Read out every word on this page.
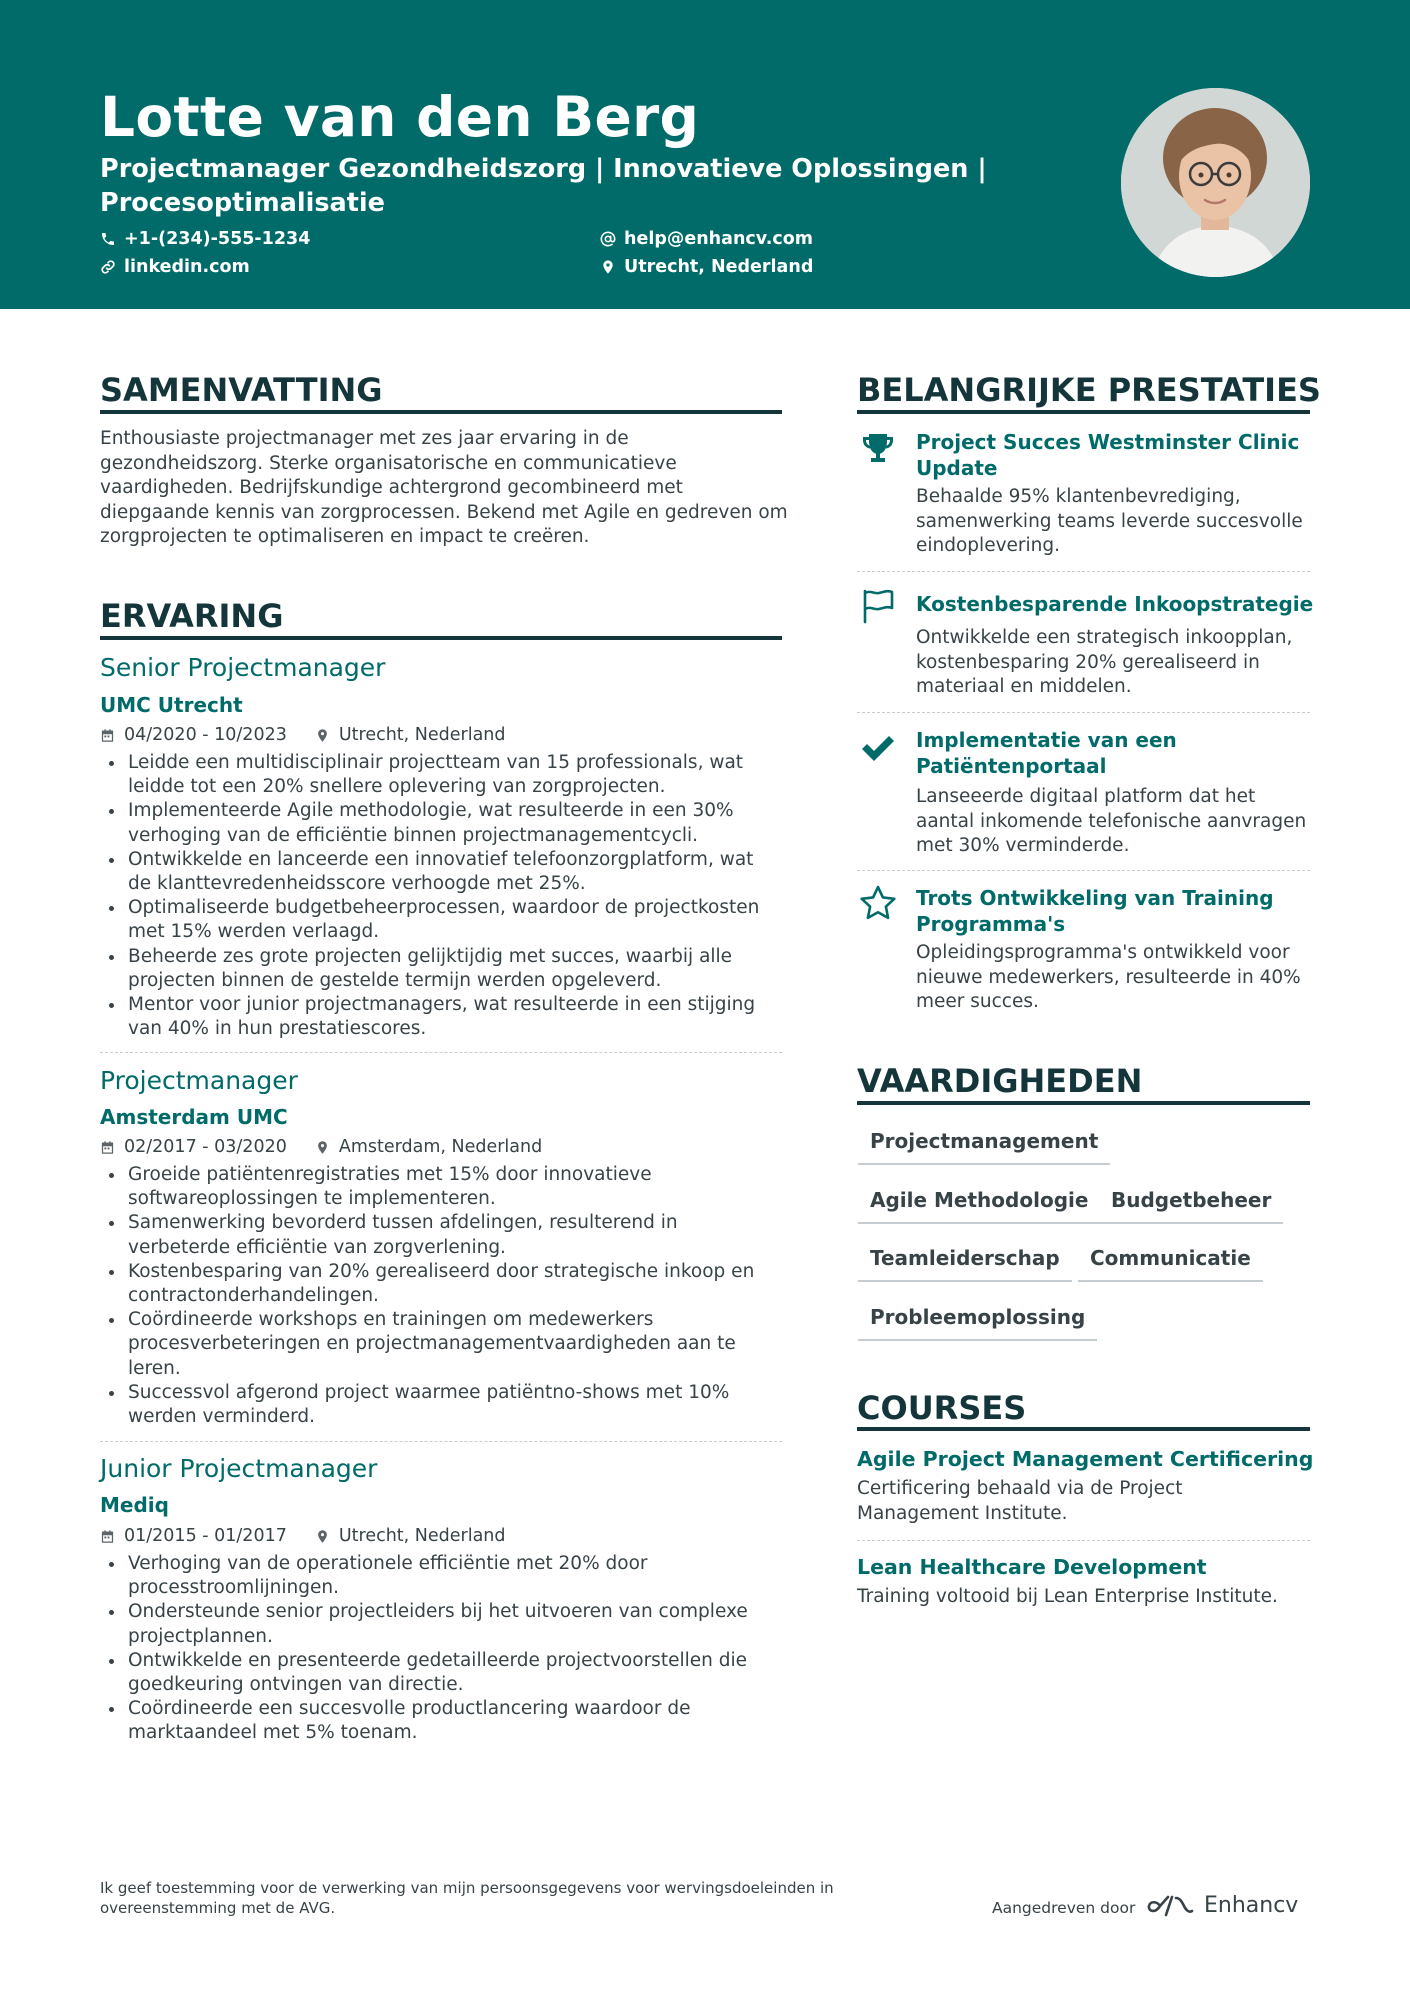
Lotte van den Berg
Projectmanager Gezondheidszorg | Innovatieve Oplossingen | Procesoptimalisatie
+1-(234)-555-1234
linkedin.com
help@enhancv.com
Utrecht, Nederland
SAMENVATTING
Enthousiaste projectmanager met zes jaar ervaring in de gezondheidszorg. Sterke organisatorische en communicatieve vaardigheden. Bedrijfskundige achtergrond gecombineerd met diepgaande kennis van zorgprocessen. Bekend met Agile en gedreven om zorgprojecten te optimaliseren en impact te creëren.
ERVARING
Senior Projectmanager
UMC Utrecht
04/2020 - 10/2023	Utrecht, Nederland
Leidde een multidisciplinair projectteam van 15 professionals, wat leidde tot een 20% snellere oplevering van zorgprojecten.
Implementeerde Agile methodologie, wat resulteerde in een 30% verhoging van de efficiëntie binnen projectmanagementcycli.
Ontwikkelde en lanceerde een innovatief telefoonzorgplatform, wat de klanttevredenheidsscore verhoogde met 25%.
Optimaliseerde budgetbeheerprocessen, waardoor de projectkosten met 15% werden verlaagd.
Beheerde zes grote projecten gelijktijdig met succes, waarbij alle projecten binnen de gestelde termijn werden opgeleverd.
Mentor voor junior projectmanagers, wat resulteerde in een stijging van 40% in hun prestatiescores.
Projectmanager
Amsterdam UMC
02/2017 - 03/2020	Amsterdam, Nederland
Groeide patiëntenregistraties met 15% door innovatieve softwareoplossingen te implementeren.
Samenwerking bevorderd tussen afdelingen, resulterend in verbeterde efficiëntie van zorgverlening.
Kostenbesparing van 20% gerealiseerd door strategische inkoop en contractonderhandelingen.
Coördineerde workshops en trainingen om medewerkers procesverbeteringen en projectmanagementvaardigheden aan te leren.
Successvol afgerond project waarmee patiëntno-shows met 10% werden verminderd.
Junior Projectmanager
Mediq
01/2015 - 01/2017	Utrecht, Nederland
Verhoging van de operationele efficiëntie met 20% door processtroomlijningen.
Ondersteunde senior projectleiders bij het uitvoeren van complexe projectplannen.
Ontwikkelde en presenteerde gedetailleerde projectvoorstellen die goedkeuring ontvingen van directie.
Coördineerde een succesvolle productlancering waardoor de marktaandeel met 5% toenam.
BELANGRIJKE PRESTATIES
Project Succes Westminster Clinic Update
Behaalde 95% klantenbevrediging, samenwerking teams leverde succesvolle eindoplevering.
Kostenbesparende Inkoopstrategie
Ontwikkelde een strategisch inkoopplan, kostenbesparing 20% gerealiseerd in materiaal en middelen.
Implementatie van een Patiëntenportaal
Lanseeerde digitaal platform dat het aantal inkomende telefonische aanvragen met 30% verminderde.
Trots Ontwikkeling van Training Programma's
Opleidingsprogramma's ontwikkeld voor nieuwe medewerkers, resulteerde in 40% meer succes.
VAARDIGHEDEN
Projectmanagement
Agile Methodologie	Budgetbeheer
Teamleiderschap	Communicatie
Probleemoplossing
COURSES
Agile Project Management Certificering
Certificering behaald via de Project Management Institute.
Lean Healthcare Development
Training voltooid bij Lean Enterprise Institute.
Ik geef toestemming voor de verwerking van mijn persoonsgegevens voor wervingsdoeleinden in overeenstemming met de AVG.	Aangedreven door	Enhancv
